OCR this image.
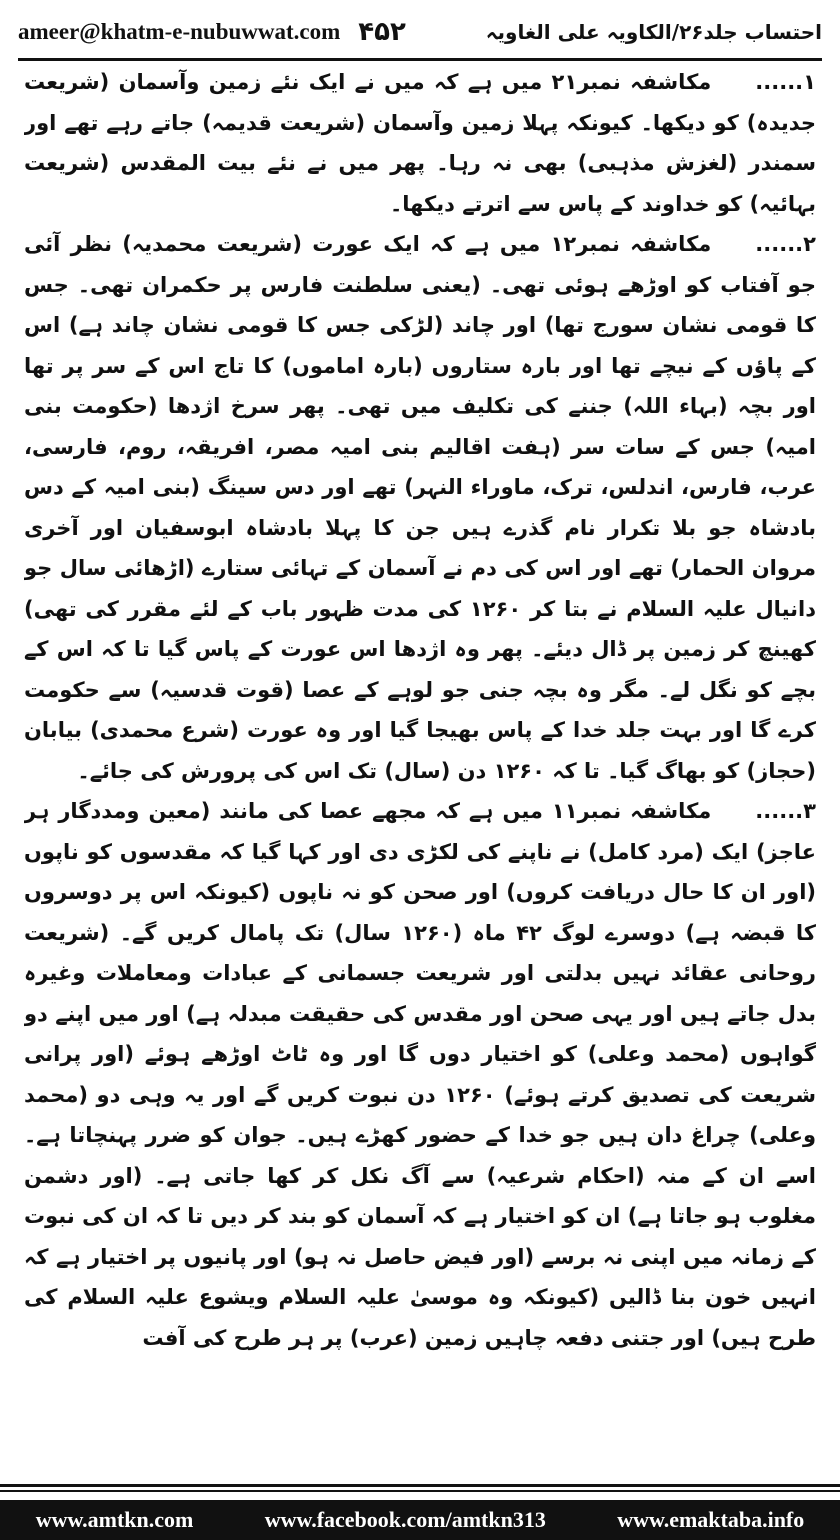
ameer@khatm-e-nubuwwat.com ۴۵۲	احتساب جلد۲۶/الکاویہ علی الغاویہ

۱......مکاشفہ نمبر۲۱ میں ہے کہ میں نے ایک نئے زمین وآسمان (شریعت جدیدہ) کو دیکھا۔ کیونکہ پہلا زمین وآسمان (شریعت قدیمہ) جاتے رہے تھے اور سمندر (لغزش مذہبی) بھی نہ رہا۔ پھر میں نے نئے بیت المقدس (شریعت بہائیہ) کو خداوند کے پاس سے اترتے دیکھا۔

۲......مکاشفہ نمبر۱۲ میں ہے کہ ایک عورت (شریعت محمدیہ) نظر آئی جو آفتاب کو اوڑھے ہوئی تھی۔ (یعنی سلطنت فارس پر حکمران تھی۔ جس کا قومی نشان سورج تھا) اور چاند (لڑکی جس کا قومی نشان چاند ہے) اس کے پاؤں کے نیچے تھا اور بارہ ستاروں (بارہ اماموں) کا تاج اس کے سر پر تھا اور بچہ (بہاء اللہ) جننے کی تکلیف میں تھی۔ پھر سرخ اژدھا (حکومت بنی امیہ) جس کے سات سر (ہفت اقالیم بنی امیہ مصر، افریقہ، روم، فارسی، عرب، فارس، اندلس، ترک، ماوراء النہر) تھے اور دس سینگ (بنی امیہ کے دس بادشاہ جو بلا تکرار نام گذرے ہیں جن کا پہلا بادشاہ ابوسفیان اور آخری مروان الحمار) تھے اور اس کی دم نے آسمان کے تہائی ستارے (اڑھائی سال جو دانیال علیہ السلام نے بتا کر ۱۲۶۰ کی مدت ظہور باب کے لئے مقرر کی تھی) کھینچ کر زمین پر ڈال دیئے۔ پھر وہ اژدھا اس عورت کے پاس گیا تا کہ اس کے بچے کو نگل لے۔ مگر وہ بچہ جنی جو لوہے کے عصا (قوت قدسیہ) سے حکومت کرے گا اور بہت جلد خدا کے پاس بھیجا گیا اور وہ عورت (شرع محمدی) بیابان (حجاز) کو بھاگ گیا۔ تا کہ ۱۲۶۰ دن (سال) تک اس کی پرورش کی جائے۔

۳......مکاشفہ نمبر۱۱ میں ہے کہ مجھے عصا کی مانند (معین ومددگار ہر عاجز) ایک (مرد کامل) نے ناپنے کی لکڑی دی اور کہا گیا کہ مقدسوں کو ناپوں (اور ان کا حال دریافت کروں) اور صحن کو نہ ناپوں (کیونکہ اس پر دوسروں کا قبضہ ہے) دوسرے لوگ ۴۲ ماہ (۱۲۶۰ سال) تک پامال کریں گے۔ (شریعت روحانی عقائد نہیں بدلتی اور شریعت جسمانی کے عبادات ومعاملات وغیرہ بدل جاتے ہیں اور یہی صحن اور مقدس کی حقیقت مبدلہ ہے) اور میں اپنے دو گواہوں (محمد وعلی) کو اختیار دوں گا اور وہ ٹاٹ اوڑھے ہوئے (اور پرانی شریعت کی تصدیق کرتے ہوئے) ۱۲۶۰ دن نبوت کریں گے اور یہ وہی دو (محمد وعلی) چراغ دان ہیں جو خدا کے حضور کھڑے ہیں۔ جوان کو ضرر پہنچاتا ہے۔ اسے ان کے منہ (احکام شرعیہ) سے آگ نکل کر کھا جاتی ہے۔ (اور دشمن مغلوب ہو جاتا ہے) ان کو اختیار ہے کہ آسمان کو بند کر دیں تا کہ ان کی نبوت کے زمانہ میں اپنی نہ برسے (اور فیض حاصل نہ ہو) اور پانیوں پر اختیار ہے کہ انہیں خون بنا ڈالیں (کیونکہ وہ موسیٰ علیہ السلام ویشوع علیہ السلام کی طرح ہیں) اور جتنی دفعہ چاہیں زمین (عرب) پر ہر طرح کی آفت

www.amtkn.com	www.facebook.com/amtkn313	www.emaktaba.info
